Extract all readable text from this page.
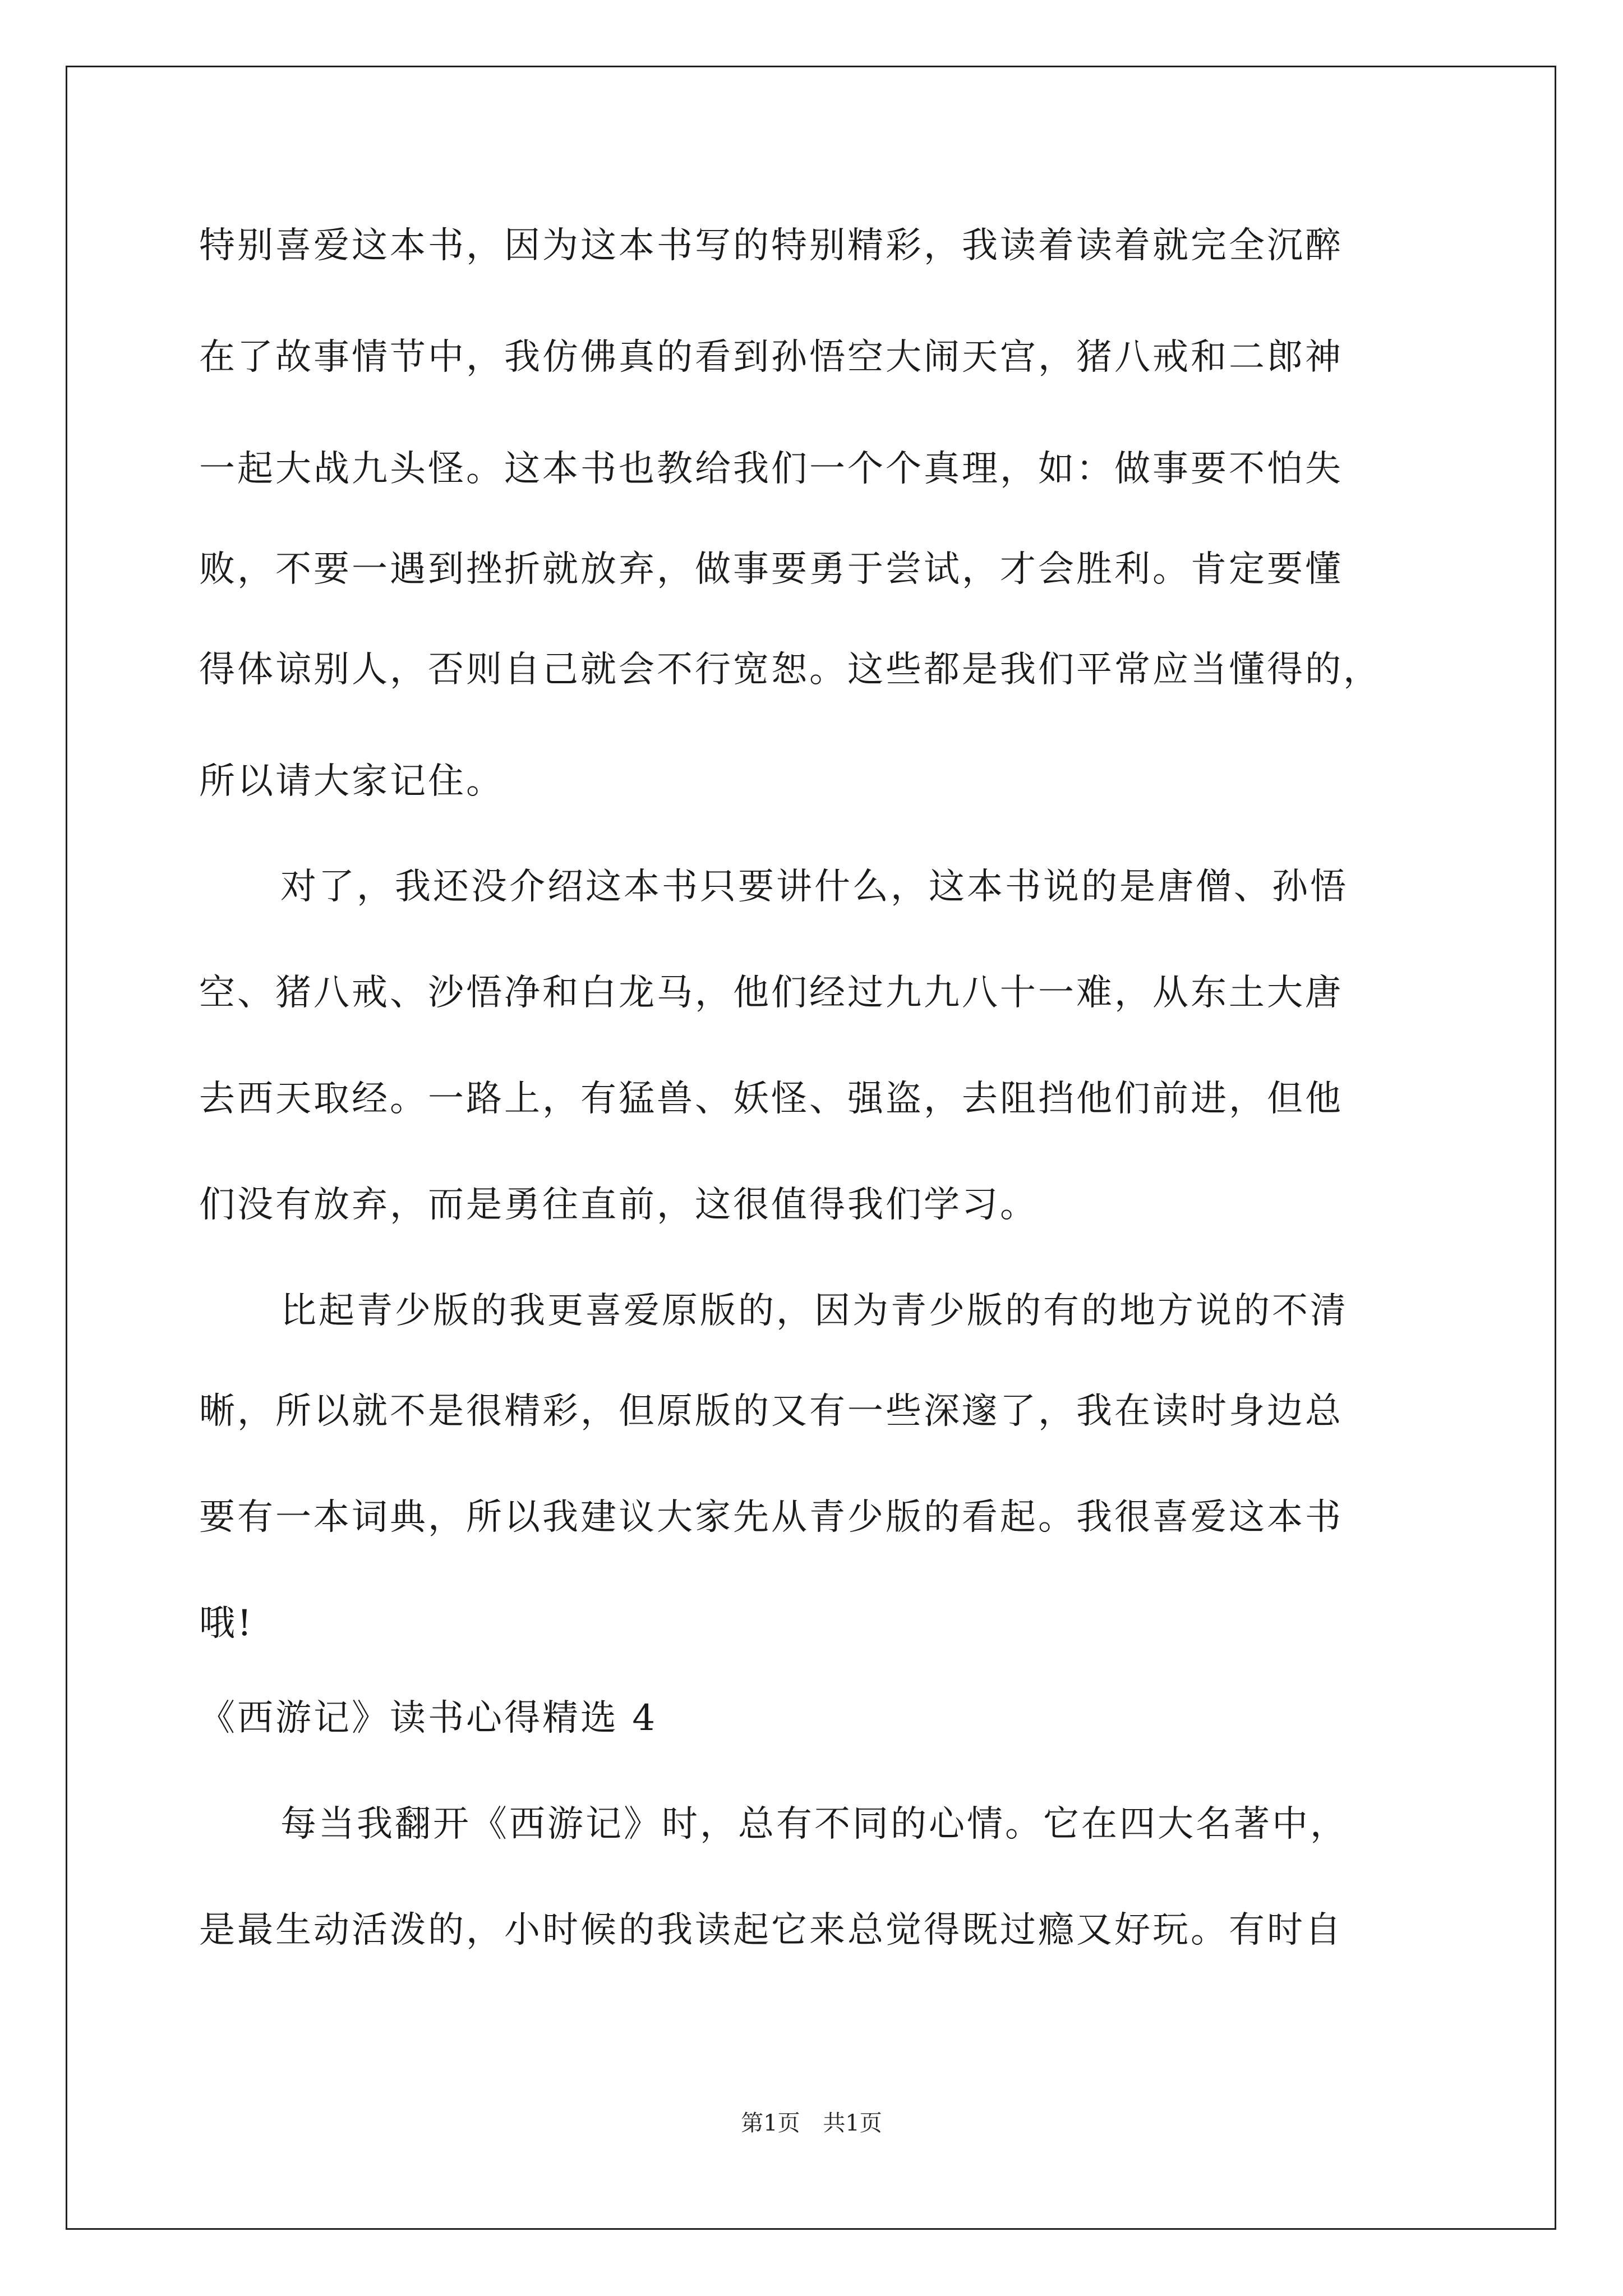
特别喜爱这本书，因为这本书写的特别精彩，我读着读着就完全沉醉
在了故事情节中，我仿佛真的看到孙悟空大闹天宫，猪八戒和二郎神
一起大战九头怪。这本书也教给我们一个个真理，如：做事要不怕失
败，不要一遇到挫折就放弃，做事要勇于尝试，才会胜利。肯定要懂
得体谅别人，否则自己就会不行宽恕。这些都是我们平常应当懂得的，
所以请大家记住。
对了，我还没介绍这本书只要讲什么，这本书说的是唐僧、孙悟
空、猪八戒、沙悟净和白龙马，他们经过九九八十一难，从东土大唐
去西天取经。一路上，有猛兽、妖怪、强盗，去阻挡他们前进，但他
们没有放弃，而是勇往直前，这很值得我们学习。
比起青少版的我更喜爱原版的，因为青少版的有的地方说的不清
晰，所以就不是很精彩，但原版的又有一些深邃了，我在读时身边总
要有一本词典，所以我建议大家先从青少版的看起。我很喜爱这本书
哦!
《西游记》读书心得精选 4
每当我翻开《西游记》时，总有不同的心情。它在四大名著中，
是最生动活泼的，小时候的我读起它来总觉得既过瘾又好玩。有时自
第1页 共1页
